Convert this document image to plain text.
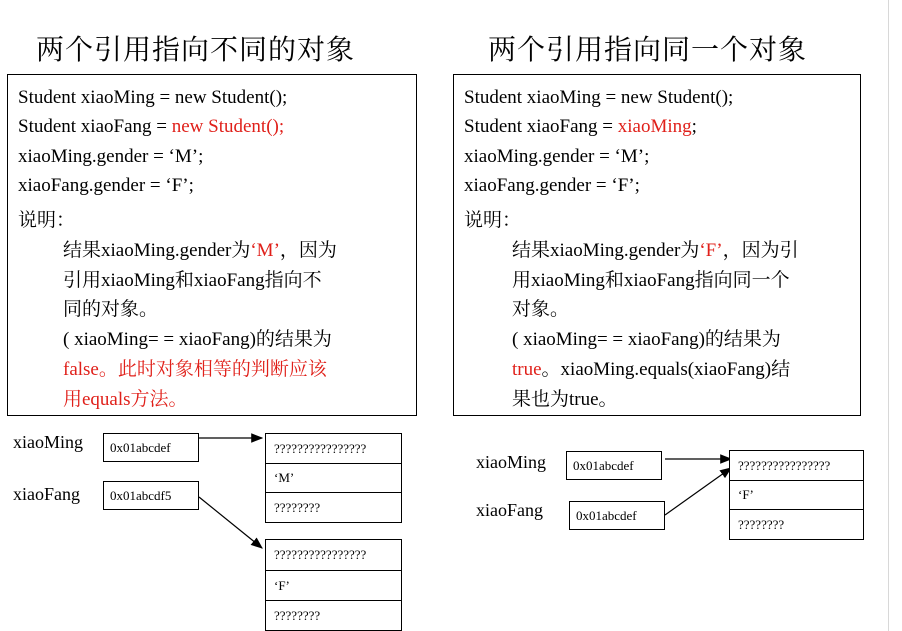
两个引用指向不同的对象	两个引用指向同一个对象
Student xiaoMing = new Student();
Student xiaoFang = new Student();
xiaoMing.gender = ‘M’;
xiaoFang.gender = ‘F’;
说明：
结果xiaoMing.gender为‘M’，因为
引用xiaoMing和xiaoFang指向不
同的对象。
( xiaoMing= = xiaoFang)的结果为
false。此时对象相等的判断应该
用equals方法。
Student xiaoMing = new Student();
Student xiaoFang = xiaoMing;
xiaoMing.gender = ‘M’;
xiaoFang.gender = ‘F’;
说明：
结果xiaoMing.gender为‘F’，因为引
用xiaoMing和xiaoFang指向同一个
对象。
( xiaoMing= = xiaoFang)的结果为
true。xiaoMing.equals(xiaoFang)结
果也为true。
xiaoMing
xiaoFang
0x01abcdef
0x01abcdf5
????????????????
‘M’
????????
????????????????
‘F’
????????
xiaoMing
xiaoFang
0x01abcdef
0x01abcdef
????????????????
‘F’
????????
